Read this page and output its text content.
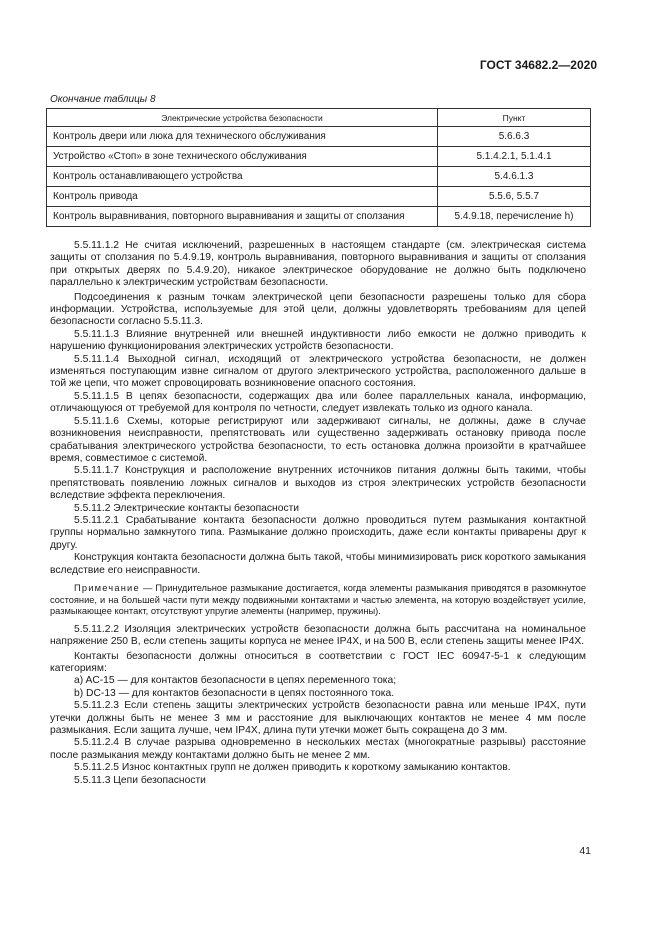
ГОСТ 34682.2—2020
Окончание таблицы 8
Электрические устройства безопасности	Пункт
Контроль двери или люка для технического обслуживания	5.6.6.3
Устройство «Стоп» в зоне технического обслуживания	5.1.4.2.1, 5.1.4.1
Контроль останавливающего устройства	5.4.6.1.3
Контроль привода	5.5.6, 5.5.7
Контроль выравнивания, повторного выравнивания и защиты от сползания	5.4.9.18, перечисление h)

5.5.11.1.2 Не считая исключений, разрешенных в настоящем стандарте (см. электрическая система защиты от сползания по 5.4.9.19, контроль выравнивания, повторного выравнивания и защиты от сползания при открытых дверях по 5.4.9.20), никакое электрическое оборудование не должно быть подключено параллельно к электрическим устройствам безопасности.

Подсоединения к разным точкам электрической цепи безопасности разрешены только для сбора информации. Устройства, используемые для этой цели, должны удовлетворять требованиям для цепей безопасности согласно 5.5.11.3.

5.5.11.1.3 Влияние внутренней или внешней индуктивности либо емкости не должно приводить к нарушению функционирования электрических устройств безопасности.

5.5.11.1.4 Выходной сигнал, исходящий от электрического устройства безопасности, не должен изменяться поступающим извне сигналом от другого электрического устройства, расположенного дальше в той же цепи, что может спровоцировать возникновение опасного состояния.

5.5.11.1.5 В цепях безопасности, содержащих два или более параллельных канала, информацию, отличающуюся от требуемой для контроля по четности, следует извлекать только из одного канала.

5.5.11.1.6 Схемы, которые регистрируют или задерживают сигналы, не должны, даже в случае возникновения неисправности, препятствовать или существенно задерживать остановку привода после срабатывания электрического устройства безопасности, то есть остановка должна произойти в кратчайшее время, совместимое с системой.

5.5.11.1.7 Конструкция и расположение внутренних источников питания должны быть такими, чтобы препятствовать появлению ложных сигналов и выходов из строя электрических устройств безопасности вследствие эффекта переключения.

5.5.11.2 Электрические контакты безопасности

5.5.11.2.1 Срабатывание контакта безопасности должно проводиться путем размыкания контактной группы нормально замкнутого типа. Размыкание должно происходить, даже если контакты приварены друг к другу.

Конструкция контакта безопасности должна быть такой, чтобы минимизировать риск короткого замыкания вследствие его неисправности.

Примечание — Принудительное размыкание достигается, когда элементы размыкания приводятся в разомкнутое состояние, и на большей части пути между подвижными контактами и частью элемента, на которую воздействует усилие, размыкающее контакт, отсутствуют упругие элементы (например, пружины).

5.5.11.2.2 Изоляция электрических устройств безопасности должна быть рассчитана на номинальное напряжение 250 В, если степень защиты корпуса не менее IP4X, и на 500 В, если степень защиты менее IP4X.

Контакты безопасности должны относиться в соответствии с ГОСТ IEC 60947-5-1 к следующим категориям:

a) AC-15 — для контактов безопасности в цепях переменного тока;

b) DC-13 — для контактов безопасности в цепях постоянного тока.

5.5.11.2.3 Если степень защиты электрических устройств безопасности равна или меньше IP4X, пути утечки должны быть не менее 3 мм и расстояние для выключающих контактов не менее 4 мм после размыкания. Если защита лучше, чем IP4X, длина пути утечки может быть сокращена до 3 мм.

5.5.11.2.4 В случае разрыва одновременно в нескольких местах (многократные разрывы) расстояние после размыкания между контактами должно быть не менее 2 мм.

5.5.11.2.5 Износ контактных групп не должен приводить к короткому замыканию контактов.

5.5.11.3 Цепи безопасности

41
